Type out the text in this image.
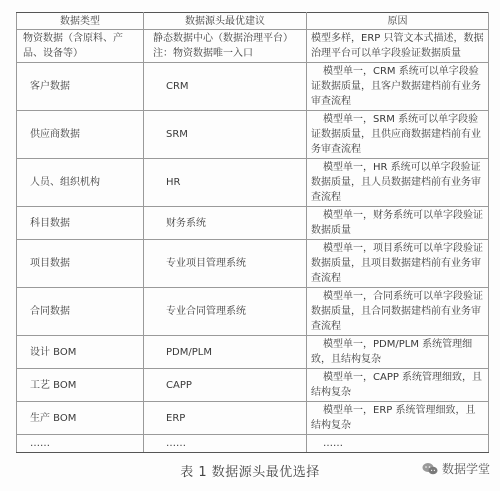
数据类型	数据源头最优建议	原因
物资数据（含原料、产品、设备等）	静态数据中心（数据治理平台）注：物资数据唯一入口	模型多样，ERP 只管文本式描述，数据治理平台可以单字段验证数据质量
客户数据	CRM	模型单一，CRM 系统可以单字段验证数据质量，且客户数据建档前有业务审查流程
供应商数据	SRM	模型单一，SRM 系统可以单字段验证数据质量，且供应商数据建档前有业务审查流程
人员、组织机构	HR	模型单一，HR 系统可以单字段验证数据质量，且人员数据建档前有业务审查流程
科目数据	财务系统	模型单一，财务系统可以单字段验证数据质量
项目数据	专业项目管理系统	模型单一，项目系统可以单字段验证数据质量，且项目数据建档前有业务审查流程
合同数据	专业合同管理系统	模型单一，合同系统可以单字段验证数据质量，且合同数据建档前有业务审查流程
设计 BOM	PDM/PLM	模型单一，PDM/PLM 系统管理细致，且结构复杂
工艺 BOM	CAPP	模型单一，CAPP 系统管理细致，且结构复杂
生产 BOM	ERP	模型单一，ERP 系统管理细致，且结构复杂
……	……	……
表 1 数据源头最优选择	数据学堂
